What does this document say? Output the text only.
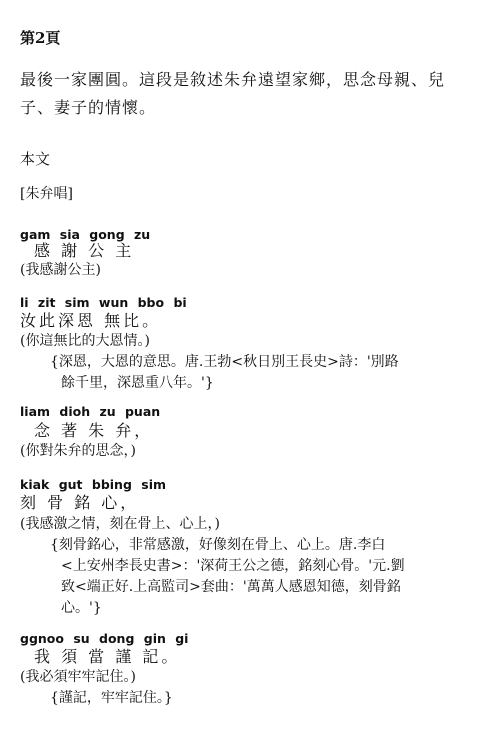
第2頁
最後一家團圓。這段是敘述朱弁遠望家鄉，思念母親、兒
子、妻子的情懷。
本文
[朱弁唱]
gam sia gong zu
感 謝 公 主
(我感謝公主)
li zit sim wun bbo bi
汝此深恩 無比。
(你這無比的大恩情。)
{深恩，大恩的意思。唐.王勃<秋日別王長史>詩：'別路
餘千里，深恩重八年。'}
liam dioh zu puan
念 著 朱 弁，
(你對朱弁的思念，)
kiak gut bbing sim
刻 骨 銘 心，
(我感激之情，刻在骨上、心上，)
{刻骨銘心，非常感激，好像刻在骨上、心上。唐.李白
<上安州李長史書>：'深荷王公之德，銘刻心骨。'元.劉
致<端正好.上高監司>套曲：'萬萬人感恩知德，刻骨銘
心。'}
ggnoo su dong gin gi
我 須 當 謹 記。
(我必須牢牢記住。)
{謹記，牢牢記住。}
